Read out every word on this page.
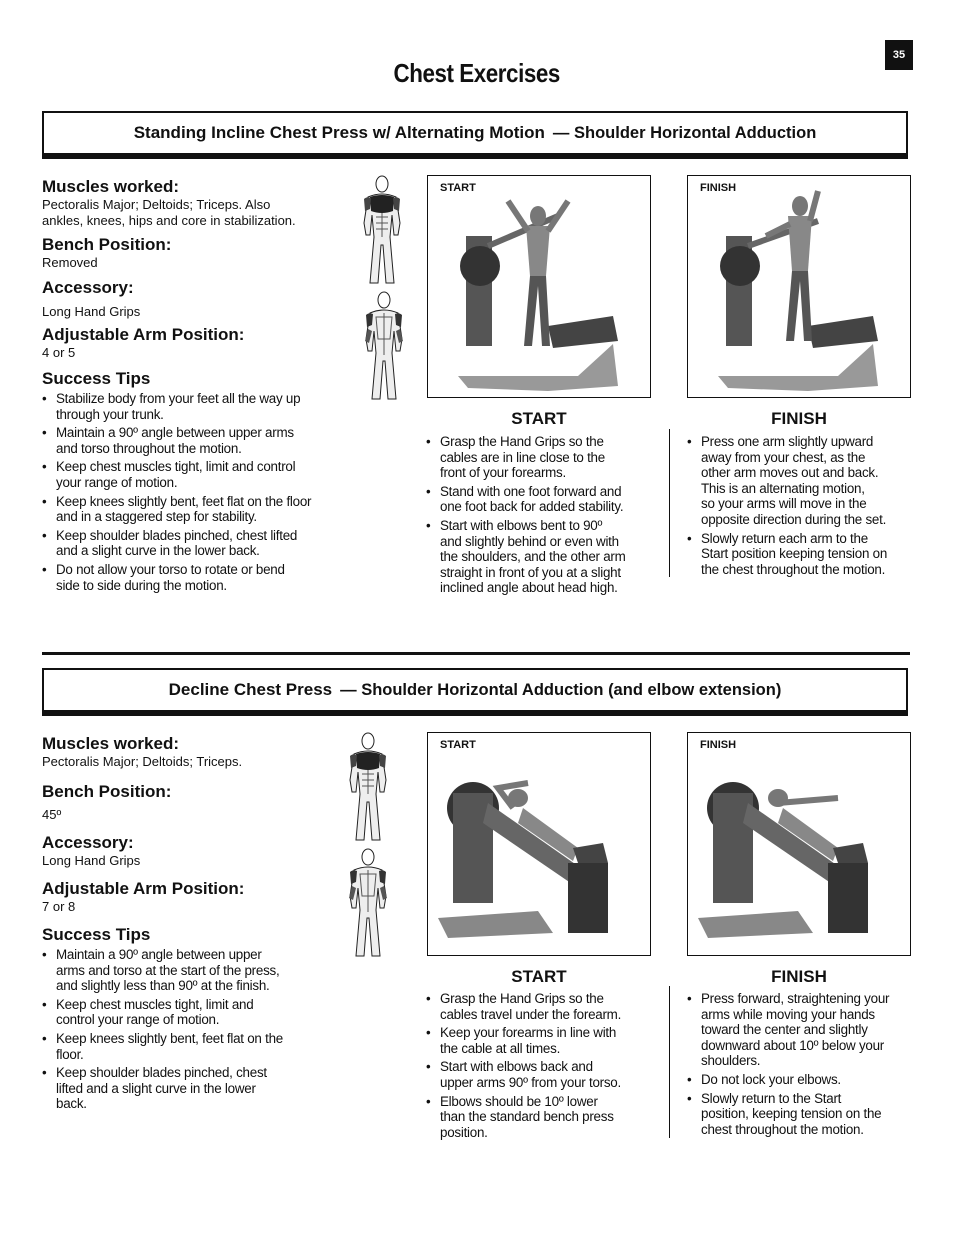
35
Chest Exercises
Standing Incline Chest Press w/ Alternating Motion — Shoulder Horizontal Adduction

Muscles worked:

Pectoralis Major; Deltoids; Triceps. Also
ankles, knees, hips and core in stabilization.

Bench Position:

Removed

Accessory:

Long Hand Grips

Adjustable Arm Position:

4 or 5

Success Tips

• Stabilize body from your feet all the way up
through your trunk.
• Maintain a 90º angle between upper arms
and torso throughout the motion.
• Keep chest muscles tight, limit and control
your range of motion.
• Keep knees slightly bent, feet flat on the floor
and in a staggered step for stability.
• Keep shoulder blades pinched, chest lifted
and a slight curve in the lower back.
• Do not allow your torso to rotate or bend
side to side during the motion.
START	FINISH
START	FINISH
• Grasp the Hand Grips so the
cables are in line close to the
front of your forearms.
• Stand with one foot forward and
one foot back for added stability.
• Start with elbows bent to 90º
and slightly behind or even with
the shoulders, and the other arm
straight in front of you at a slight
inclined angle about head high.
• Press one arm slightly upward
away from your chest, as the
other arm moves out and back.
This is an alternating motion,
so your arms will move in the
opposite direction during the set.
• Slowly return each arm to the
Start position keeping tension on
the chest throughout the motion.
Decline Chest Press — Shoulder Horizontal Adduction (and elbow extension)

Muscles worked:

Pectoralis Major; Deltoids; Triceps.

Bench Position:

45º

Accessory:

Long Hand Grips

Adjustable Arm Position:

7 or 8

Success Tips

• Maintain a 90º angle between upper
arms and torso at the start of the press,
and slightly less than 90º at the finish.
• Keep chest muscles tight, limit and
control your range of motion.
• Keep knees slightly bent, feet flat on the
floor.
• Keep shoulder blades pinched, chest
lifted and a slight curve in the lower
back.
START	FINISH
START	FINISH
• Grasp the Hand Grips so the
cables travel under the forearm.
• Keep your forearms in line with
the cable at all times.
• Start with elbows back and
upper arms 90º from your torso.
• Elbows should be 10º lower
than the standard bench press
position.
• Press forward, straightening your
arms while moving your hands
toward the center and slightly
downward about 10º below your
shoulders.
• Do not lock your elbows.
• Slowly return to the Start
position, keeping tension on the
chest throughout the motion.
